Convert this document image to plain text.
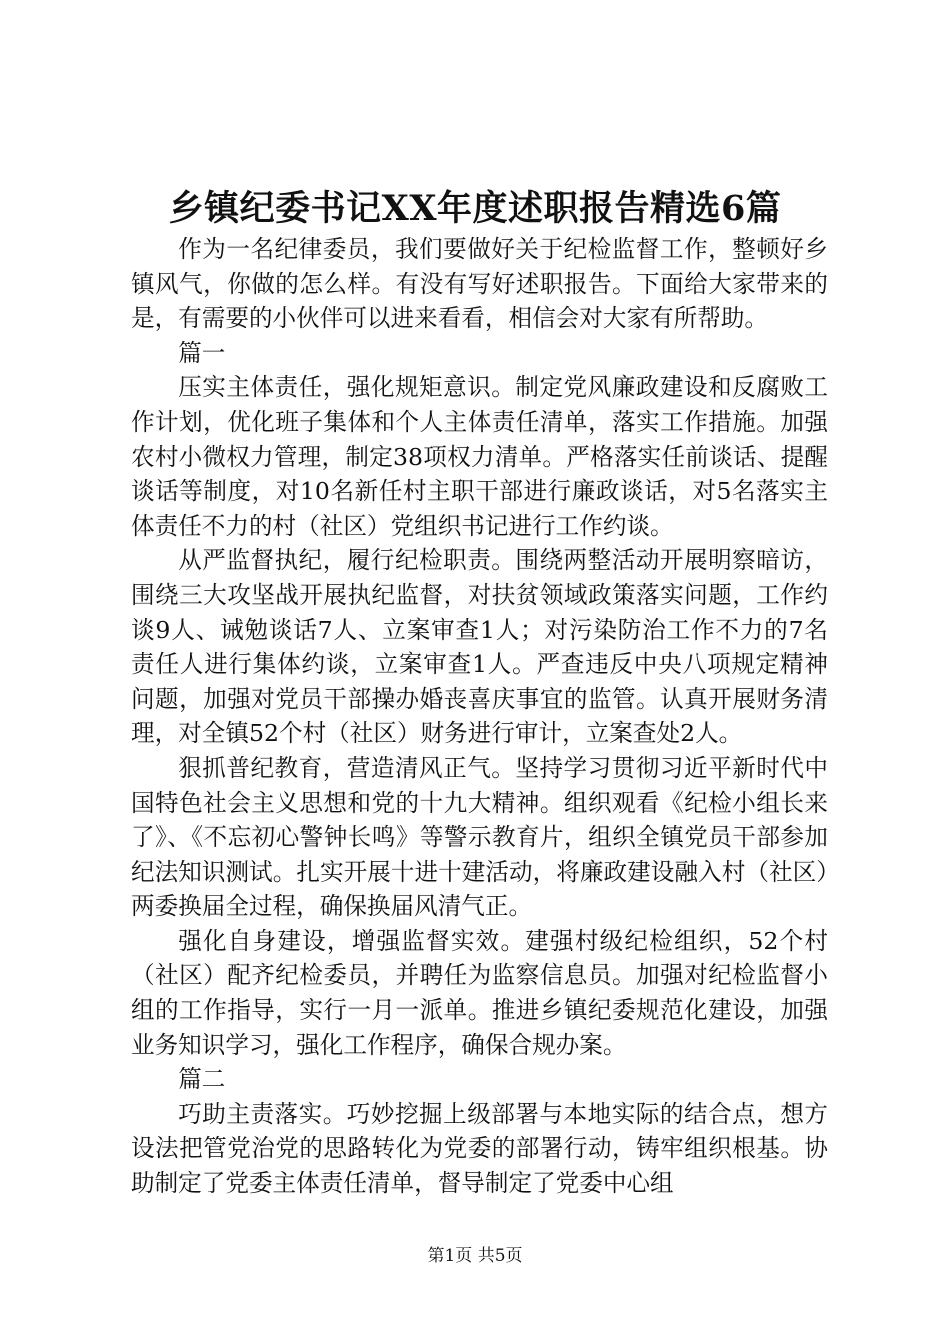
乡镇纪委书记XX年度述职报告精选6篇

作为一名纪律委员，我们要做好关于纪检监督工作，整顿好乡镇风气，你做的怎么样。有没有写好述职报告。下面给大家带来的是，有需要的小伙伴可以进来看看，相信会对大家有所帮助。

篇一

压实主体责任，强化规矩意识。制定党风廉政建设和反腐败工作计划，优化班子集体和个人主体责任清单，落实工作措施。加强农村小微权力管理，制定38项权力清单。严格落实任前谈话、提醒谈话等制度，对10名新任村主职干部进行廉政谈话，对5名落实主体责任不力的村（社区）党组织书记进行工作约谈。

从严监督执纪，履行纪检职责。围绕两整活动开展明察暗访，围绕三大攻坚战开展执纪监督，对扶贫领域政策落实问题，工作约谈9人、诫勉谈话7人、立案审查1人；对污染防治工作不力的7名责任人进行集体约谈，立案审查1人。严查违反中央八项规定精神问题，加强对党员干部操办婚丧喜庆事宜的监管。认真开展财务清理，对全镇52个村（社区）财务进行审计，立案查处2人。

狠抓普纪教育，营造清风正气。坚持学习贯彻习近平新时代中国特色社会主义思想和党的十九大精神。组织观看《纪检小组长来了》、《不忘初心警钟长鸣》等警示教育片，组织全镇党员干部参加纪法知识测试。扎实开展十进十建活动，将廉政建设融入村（社区）两委换届全过程，确保换届风清气正。

强化自身建设，增强监督实效。建强村级纪检组织，52个村（社区）配齐纪检委员，并聘任为监察信息员。加强对纪检监督小组的工作指导，实行一月一派单。推进乡镇纪委规范化建设，加强业务知识学习，强化工作程序，确保合规办案。

篇二

巧助主责落实。巧妙挖掘上级部署与本地实际的结合点，想方设法把管党治党的思路转化为党委的部署行动，铸牢组织根基。协助制定了党委主体责任清单，督导制定了党委中心组

第1页 共5页
